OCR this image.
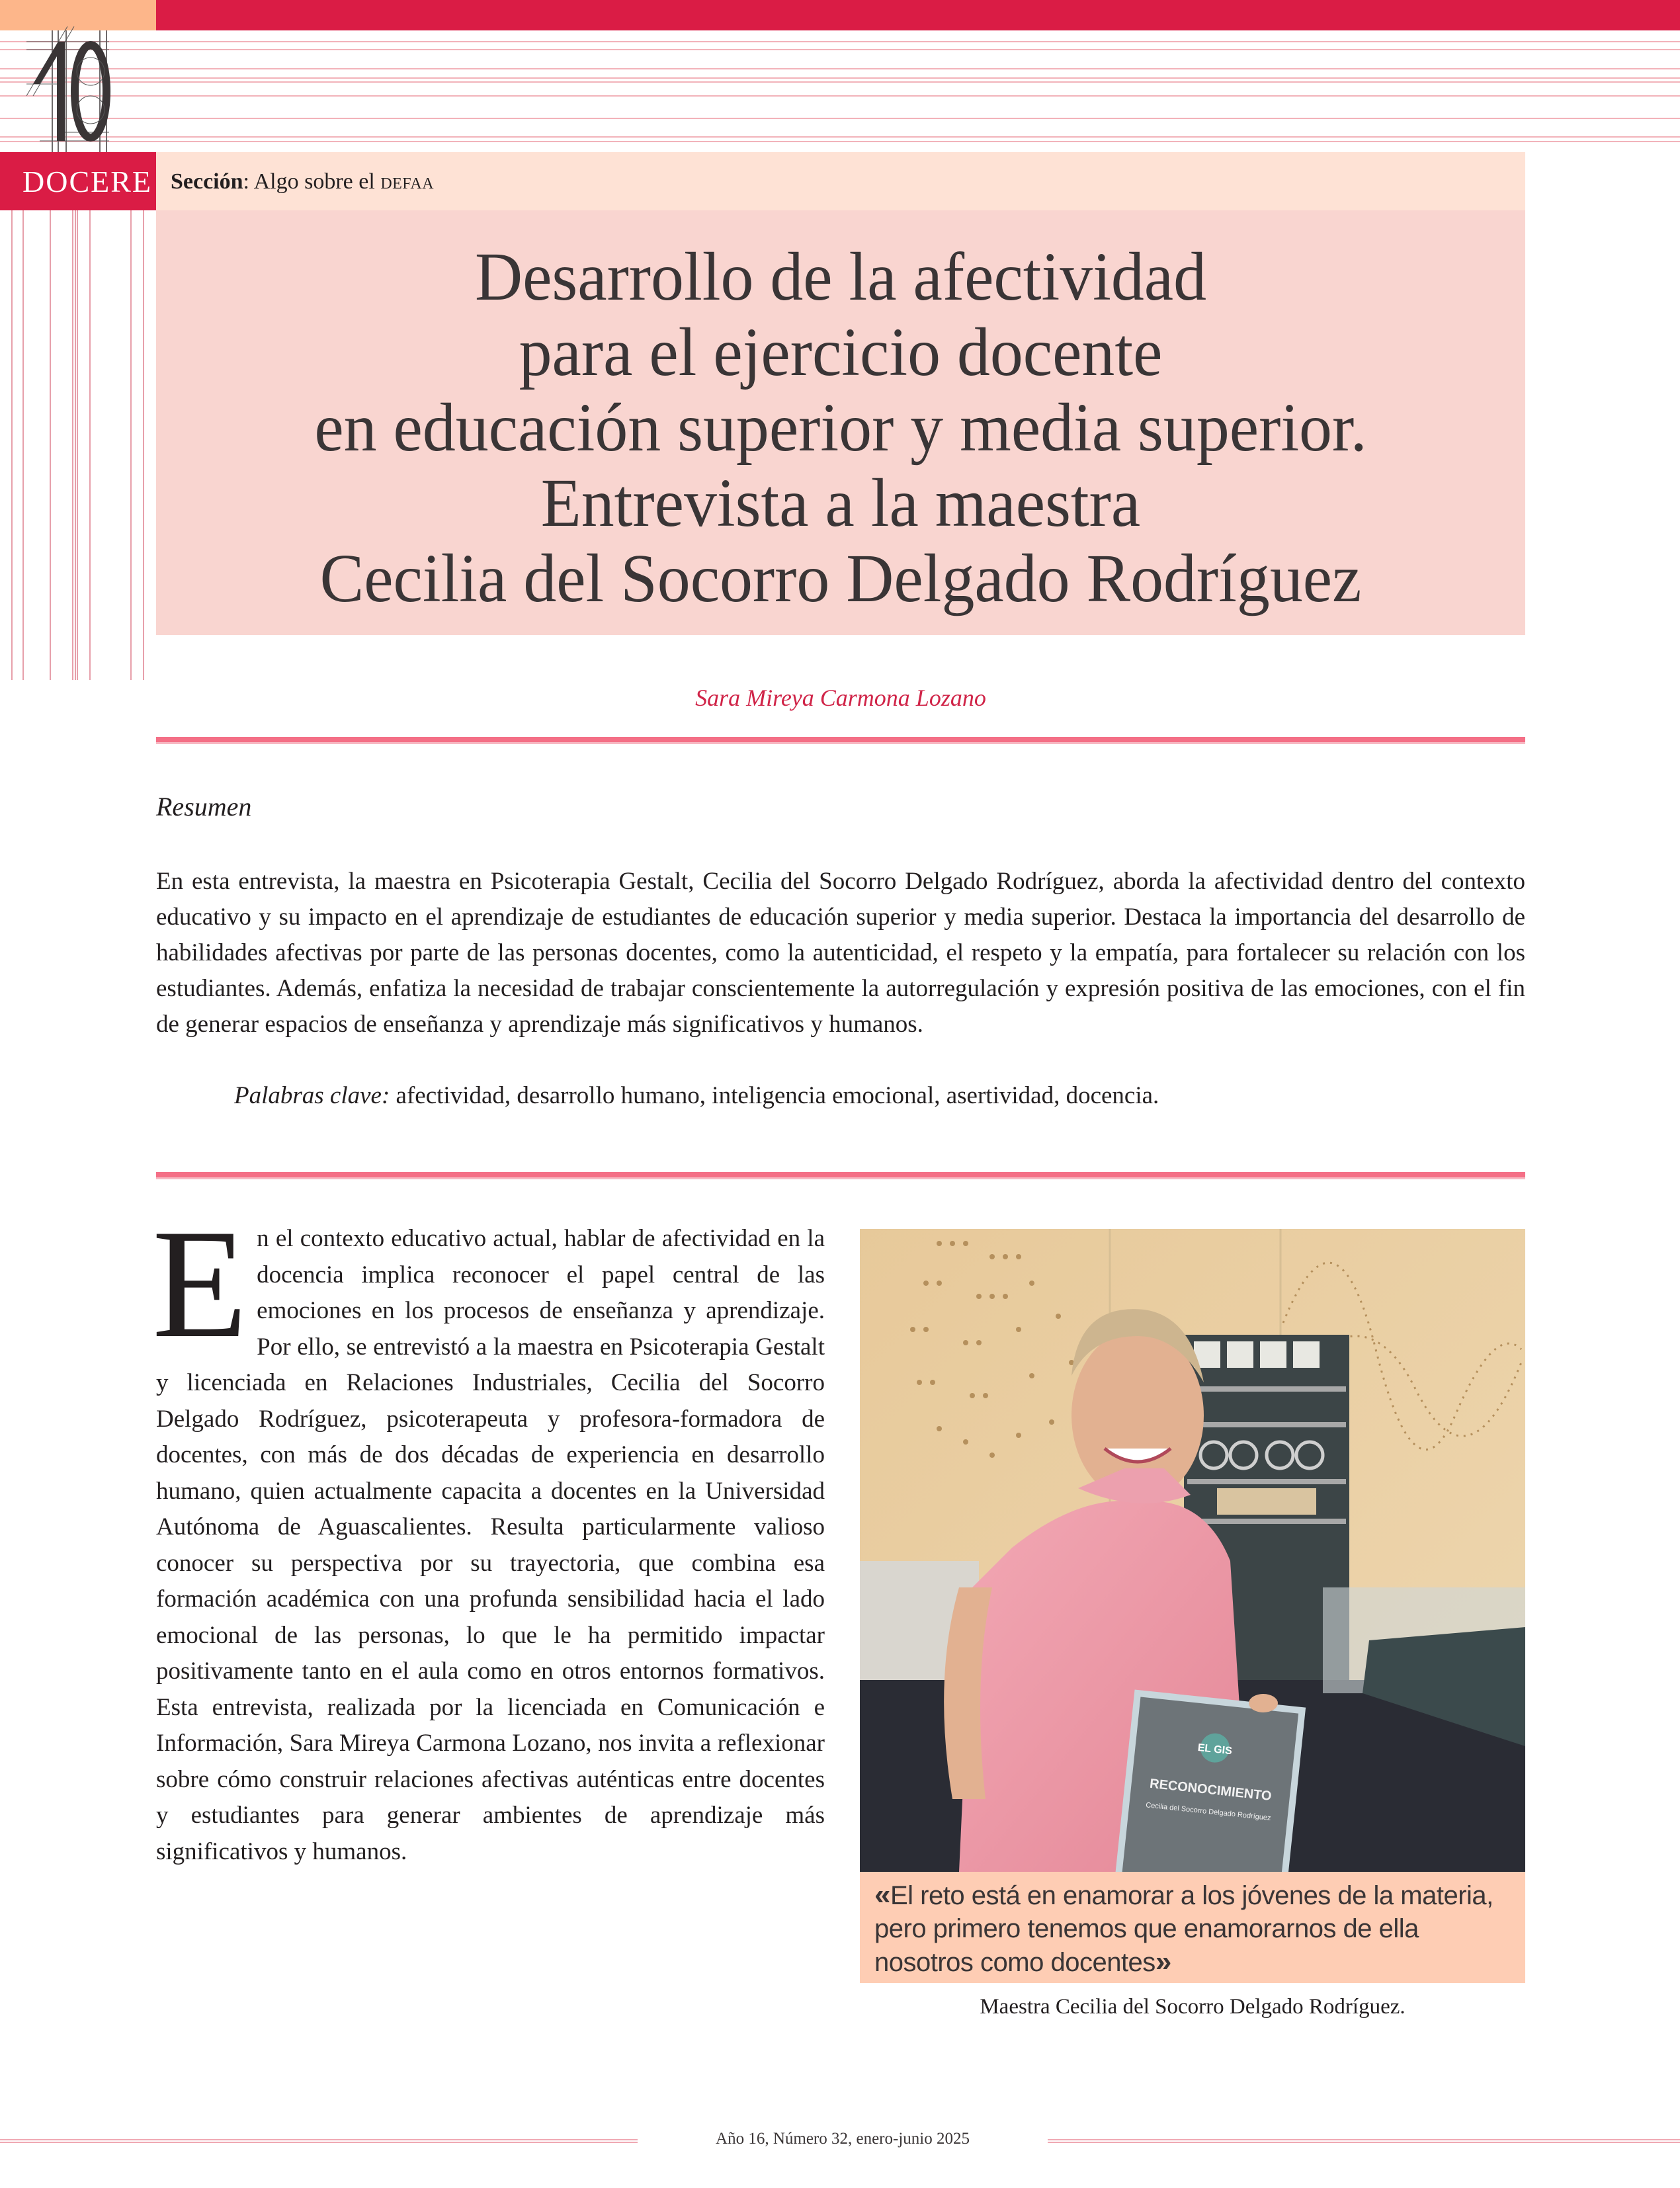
DOCERE Sección: Algo sobre el DEFAA
Desarrollo de la afectividad
para el ejercicio docente
en educación superior y media superior.
Entrevista a la maestra
Cecilia del Socorro Delgado Rodríguez
Sara Mireya Carmona Lozano
Resumen

En esta entrevista, la maestra en Psicoterapia Gestalt, Cecilia del Socorro Delgado Rodríguez, aborda la afectividad dentro del contexto educativo y su impacto en el aprendizaje de estudiantes de educación superior y media superior. Destaca la importancia del desarrollo de habilidades afectivas por parte de las personas docentes, como la autenticidad, el respeto y la empatía, para fortalecer su relación con los estudiantes. Además, enfatiza la necesidad de trabajar conscientemente la autorregulación y expresión positiva de las emociones, con el fin de generar espacios de enseñanza y aprendizaje más significativos y humanos.

Palabras clave: afectividad, desarrollo humano, inteligencia emocional, asertividad, docencia.
E n el contexto educativo actual, hablar de afectividad en la docencia implica reconocer el papel central de las emociones en los procesos de enseñanza y aprendizaje. Por ello, se entrevistó a la maestra en Psicoterapia Gestalt y licenciada en Relaciones Industriales, Cecilia del Socorro Delgado Rodríguez, psicoterapeuta y profesora-formadora de docentes, con más de dos décadas de experiencia en desarrollo humano, quien actualmente capacita a docentes en la Universidad Autónoma de Aguascalientes. Resulta particularmente valioso conocer su perspectiva por su trayectoria, que combina esa formación académica con una profunda sensibilidad hacia el lado emocional de las personas, lo que le ha permitido impactar positivamente tanto en el aula como en otros entornos formativos. Esta entrevista, realizada por la licenciada en Comunicación e Información, Sara Mireya Carmona Lozano, nos invita a reflexionar sobre cómo construir relaciones afectivas auténticas entre docentes y estudiantes para generar ambientes de aprendizaje más significativos y humanos.
EL GIS
RECONOCIMIENTO
Cecilia del Socorro Delgado Rodríguez
«El reto está en enamorar a los jóvenes de la materia, pero primero tenemos que enamorarnos de ella nosotros como docentes»
Maestra Cecilia del Socorro Delgado Rodríguez.
Año 16, Número 32, enero-junio 2025
